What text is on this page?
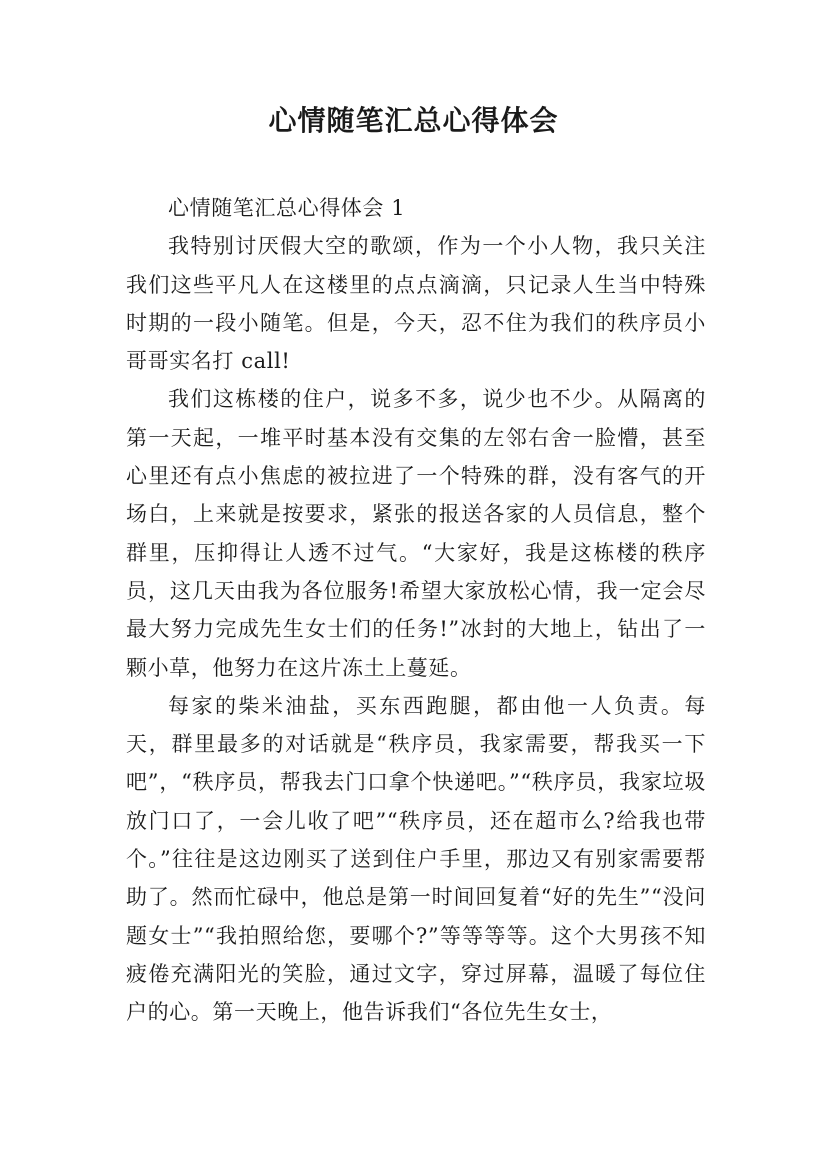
心情随笔汇总心得体会

心情随笔汇总心得体会 1

我特别讨厌假大空的歌颂，作为一个小人物，我只关注我们这些平凡人在这楼里的点点滴滴，只记录人生当中特殊时期的一段小随笔。但是，今天，忍不住为我们的秩序员小哥哥实名打 call!

我们这栋楼的住户，说多不多，说少也不少。从隔离的第一天起，一堆平时基本没有交集的左邻右舍一脸懵，甚至心里还有点小焦虑的被拉进了一个特殊的群，没有客气的开场白，上来就是按要求，紧张的报送各家的人员信息，整个群里，压抑得让人透不过气。“大家好，我是这栋楼的秩序员，这几天由我为各位服务!希望大家放松心情，我一定会尽最大努力完成先生女士们的任务!”冰封的大地上，钻出了一颗小草，他努力在这片冻土上蔓延。

每家的柴米油盐，买东西跑腿，都由他一人负责。每天，群里最多的对话就是“秩序员，我家需要，帮我买一下吧”，“秩序员，帮我去门口拿个快递吧。”“秩序员，我家垃圾放门口了，一会儿收了吧”“秩序员，还在超市么?给我也带个。”往往是这边刚买了送到住户手里，那边又有别家需要帮助了。然而忙碌中，他总是第一时间回复着“好的先生”“没问题女士”“我拍照给您，要哪个?”等等等等。这个大男孩不知疲倦充满阳光的笑脸，通过文字，穿过屏幕，温暖了每位住户的心。第一天晚上，他告诉我们“各位先生女士，
